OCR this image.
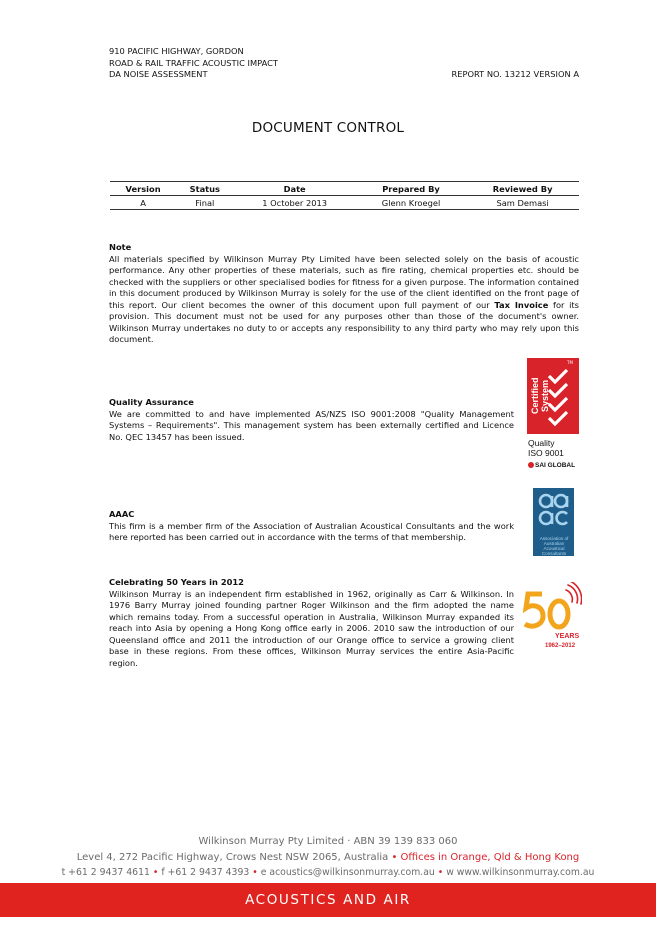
910 PACIFIC HIGHWAY, GORDON
ROAD & RAIL TRAFFIC ACOUSTIC IMPACT
DA NOISE ASSESSMENT	REPORT NO. 13212 VERSION A
DOCUMENT CONTROL
Version	Status	Date	Prepared By	Reviewed By
A	Final	1 October 2013	Glenn Kroegel	Sam Demasi
Note
All materials specified by Wilkinson Murray Pty Limited have been selected solely on the basis of acoustic performance. Any other properties of these materials, such as fire rating, chemical properties etc. should be checked with the suppliers or other specialised bodies for fitness for a given purpose. The information contained in this document produced by Wilkinson Murray is solely for the use of the client identified on the front page of this report. Our client becomes the owner of this document upon full payment of our Tax Invoice for its provision. This document must not be used for any purposes other than those of the document's owner. Wilkinson Murray undertakes no duty to or accepts any responsibility to any third party who may rely upon this document.
Quality Assurance
We are committed to and have implemented AS/NZS ISO 9001:2008 "Quality Management Systems – Requirements". This management system has been externally certified and Licence No. QEC 13457 has been issued.
Certified System
TM
Quality
ISO 9001
SAI GLOBAL
AAAC
This firm is a member firm of the Association of Australian Acoustical Consultants and the work here reported has been carried out in accordance with the terms of that membership.	Association of Australian Acoustical Consultants
Celebrating 50 Years in 2012
Wilkinson Murray is an independent firm established in 1962, originally as Carr & Wilkinson. In 1976 Barry Murray joined founding partner Roger Wilkinson and the firm adopted the name which remains today. From a successful operation in Australia, Wilkinson Murray expanded its reach into Asia by opening a Hong Kong office early in 2006. 2010 saw the introduction of our Queensland office and 2011 the introduction of our Orange office to service a growing client base in these regions. From these offices, Wilkinson Murray services the entire Asia-Pacific region.
YEARS
1962–2012
Wilkinson Murray Pty Limited · ABN 39 139 833 060
Level 4, 272 Pacific Highway, Crows Nest NSW 2065, Australia • Offices in Orange, Qld & Hong Kong
t +61 2 9437 4611 • f +61 2 9437 4393 • e acoustics@wilkinsonmurray.com.au • w www.wilkinsonmurray.com.au
ACOUSTICS AND AIR
